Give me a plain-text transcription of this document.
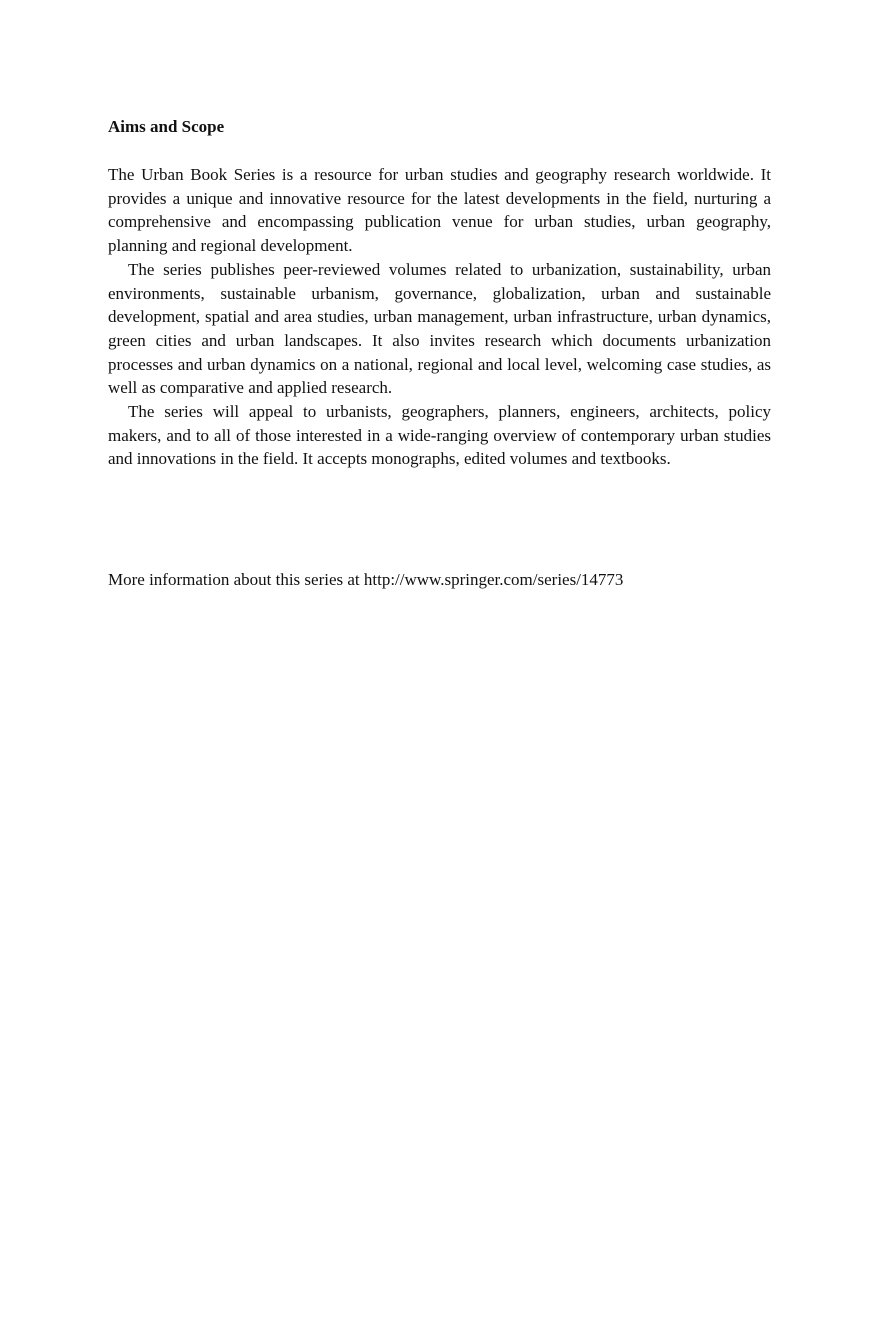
Aims and Scope

The Urban Book Series is a resource for urban studies and geography research worldwide. It provides a unique and innovative resource for the latest developments in the field, nurturing a comprehensive and encompassing publication venue for urban studies, urban geography, planning and regional development.

The series publishes peer-reviewed volumes related to urbanization, sustainability, urban environments, sustainable urbanism, governance, globalization, urban and sustainable development, spatial and area studies, urban management, urban infrastructure, urban dynamics, green cities and urban landscapes. It also invites research which documents urbanization processes and urban dynamics on a national, regional and local level, welcoming case studies, as well as comparative and applied research.

The series will appeal to urbanists, geographers, planners, engineers, architects, policy makers, and to all of those interested in a wide-ranging overview of contemporary urban studies and innovations in the field. It accepts monographs, edited volumes and textbooks.

More information about this series at http://www.springer.com/series/14773
